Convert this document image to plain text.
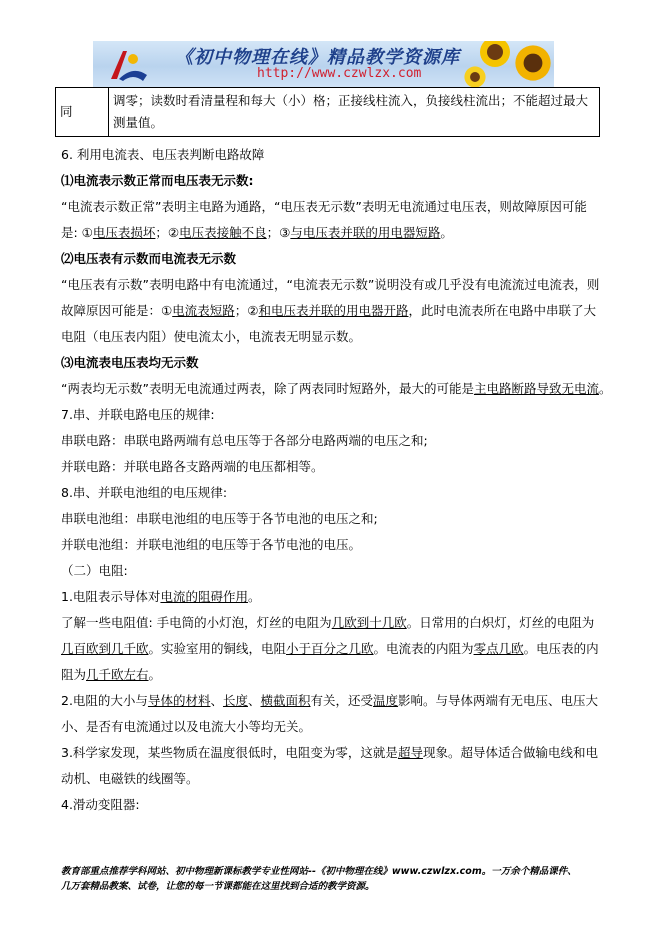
《初中物理在线》精品教学资源库
http://www.czwlzx.com
同	调零；读数时看清量程和每大（小）格；正接线柱流入，负接线柱流出；不能超过最大测量值。
6. 利用电流表、电压表判断电路故障
⑴电流表示数正常而电压表无示数:
“电流表示数正常”表明主电路为通路，“电压表无示数”表明无电流通过电压表，则故障原因可能是: ①电压表损坏；②电压表接触不良；③与电压表并联的用电器短路。
⑵电压表有示数而电流表无示数
“电压表有示数”表明电路中有电流通过，“电流表无示数”说明没有或几乎没有电流流过电流表，则故障原因可能是：①电流表短路；②和电压表并联的用电器开路，此时电流表所在电路中串联了大电阻（电压表内阻）使电流太小，电流表无明显示数。
⑶电流表电压表均无示数
“两表均无示数”表明无电流通过两表，除了两表同时短路外，最大的可能是主电路断路导致无电流。
7.串、并联电路电压的规律:
串联电路：串联电路两端有总电压等于各部分电路两端的电压之和;
并联电路：并联电路各支路两端的电压都相等。
8.串、并联电池组的电压规律:
串联电池组：串联电池组的电压等于各节电池的电压之和;
并联电池组：并联电池组的电压等于各节电池的电压。
（二）电阻:
1.电阻表示导体对电流的阻碍作用。
了解一些电阻值: 手电筒的小灯泡，灯丝的电阻为几欧到十几欧。日常用的白炽灯，灯丝的电阻为几百欧到几千欧。实验室用的铜线，电阻小于百分之几欧。电流表的内阻为零点几欧。电压表的内阻为几千欧左右。
2.电阻的大小与导体的材料、长度、横截面积有关，还受温度影响。与导体两端有无电压、电压大小、是否有电流通过以及电流大小等均无关。
3.科学家发现，某些物质在温度很低时，电阻变为零，这就是超导现象。超导体适合做输电线和电动机、电磁铁的线圈等。
4.滑动变阻器:
教育部重点推荐学科网站、初中物理新课标教学专业性网站--《初中物理在线》www.czwlzx.com。一万余个精品课件、
几万套精品教案、试卷，让您的每一节课都能在这里找到合适的教学资源。
